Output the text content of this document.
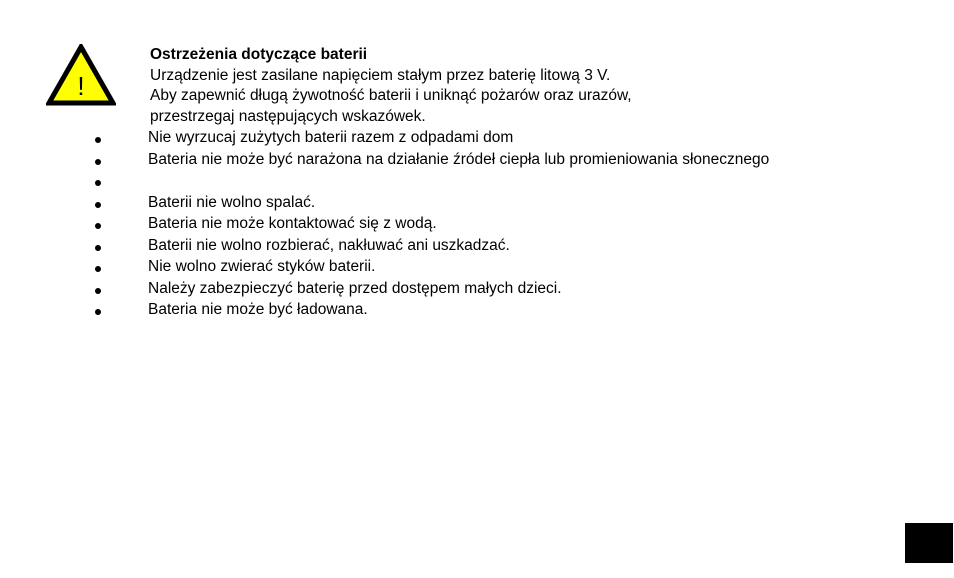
!
Ostrzeżenia dotyczące baterii
Urządzenie jest zasilane napięciem stałym przez baterię litową 3 V.
Aby zapewnić długą żywotność baterii i uniknąć pożarów oraz urazów,
przestrzegaj następujących wskazówek.
Nie wyrzucaj zużytych baterii razem z odpadami dom
Bateria nie może być narażona na działanie źródeł ciepła lub promieniowania słonecznego
Baterii nie wolno spalać.
Bateria nie może kontaktować się z wodą.
Baterii nie wolno rozbierać, nakłuwać ani uszkadzać.
Nie wolno zwierać styków baterii.
Należy zabezpieczyć baterię przed dostępem małych dzieci.
Bateria nie może być ładowana.
